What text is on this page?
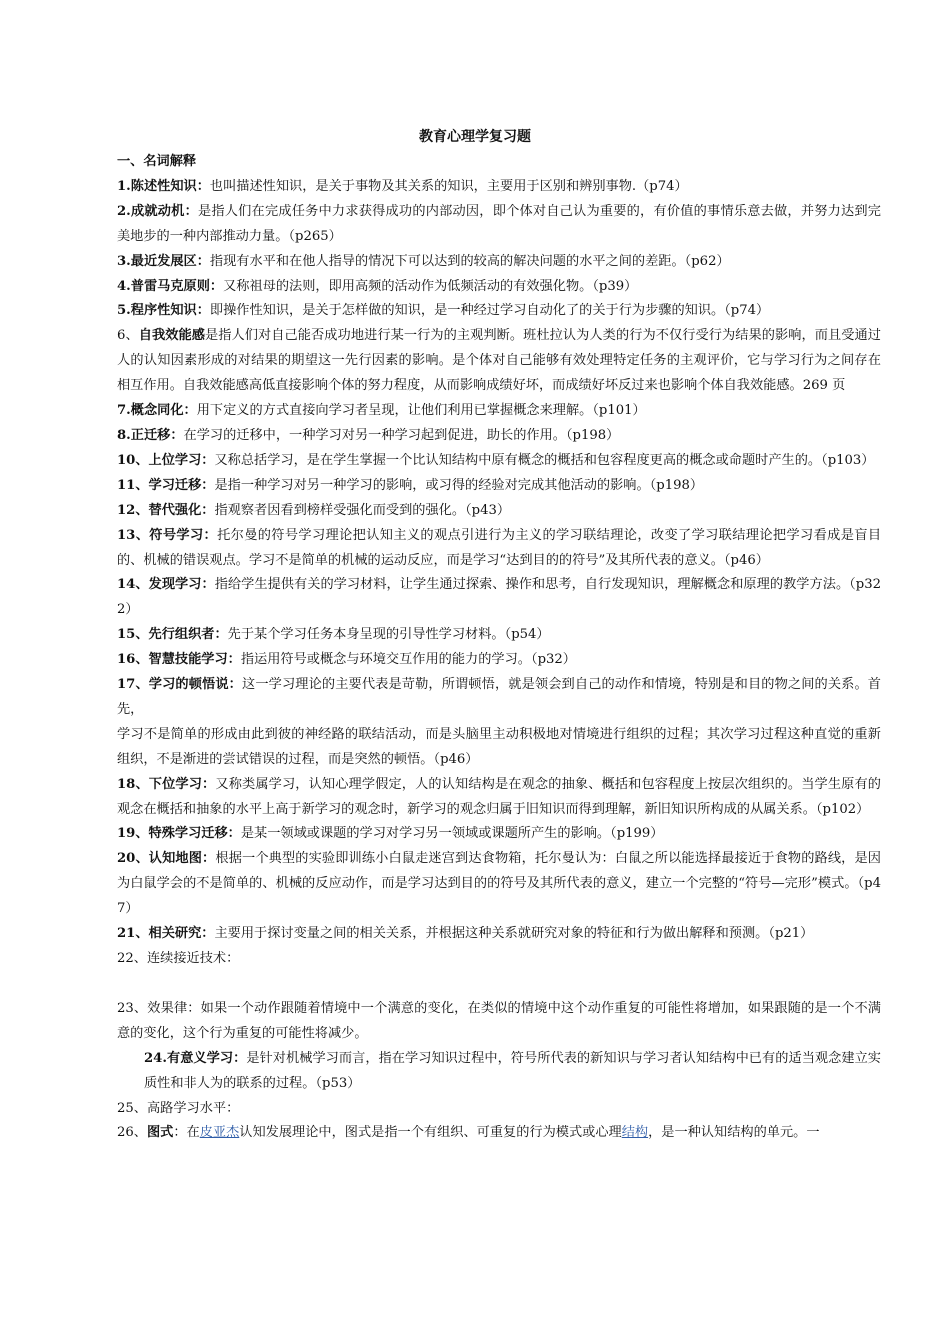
教育心理学复习题
一、名词解释
1.陈述性知识：也叫描述性知识，是关于事物及其关系的知识，主要用于区别和辨别事物.（p74）
2.成就动机：是指人们在完成任务中力求获得成功的内部动因，即个体对自己认为重要的，有价值的事情乐意去做，并努力达到完美地步的一种内部推动力量。（p265）
3.最近发展区：指现有水平和在他人指导的情况下可以达到的较高的解决问题的水平之间的差距。（p62）
4.普雷马克原则：又称祖母的法则，即用高频的活动作为低频活动的有效强化物。（p39）
5.程序性知识：即操作性知识，是关于怎样做的知识，是一种经过学习自动化了的关于行为步骤的知识。（p74）
6、自我效能感是指人们对自己能否成功地进行某一行为的主观判断。班杜拉认为人类的行为不仅行受行为结果的影响，而且受通过人的认知因素形成的对结果的期望这一先行因素的影响。是个体对自己能够有效处理特定任务的主观评价，它与学习行为之间存在相互作用。自我效能感高低直接影响个体的努力程度，从而影响成绩好坏，而成绩好坏反过来也影响个体自我效能感。269 页
7.概念同化：用下定义的方式直接向学习者呈现，让他们利用已掌握概念来理解。（p101）
8.正迁移：在学习的迁移中，一种学习对另一种学习起到促进，助长的作用。（p198）
10、上位学习：又称总括学习，是在学生掌握一个比认知结构中原有概念的概括和包容程度更高的概念或命题时产生的。（p103）
11、学习迁移：是指一种学习对另一种学习的影响，或习得的经验对完成其他活动的影响。（p198）
12、替代强化：指观察者因看到榜样受强化而受到的强化。（p43）
13、符号学习：托尔曼的符号学习理论把认知主义的观点引进行为主义的学习联结理论，改变了学习联结理论把学习看成是盲目的、机械的错误观点。学习不是简单的机械的运动反应，而是学习“达到目的的符号”及其所代表的意义。（p46）
14、发现学习：指给学生提供有关的学习材料，让学生通过探索、操作和思考，自行发现知识，理解概念和原理的教学方法。（p322）
15、先行组织者：先于某个学习任务本身呈现的引导性学习材料。（p54）
16、智慧技能学习：指运用符号或概念与环境交互作用的能力的学习。（p32）
17、学习的顿悟说：这一学习理论的主要代表是苛勒，所谓顿悟，就是领会到自己的动作和情境，特别是和目的物之间的关系。首先，
学习不是简单的形成由此到彼的神经路的联结活动，而是头脑里主动积极地对情境进行组织的过程；其次学习过程这种直觉的重新组织，不是渐进的尝试错误的过程，而是突然的顿悟。（p46）
18、下位学习：又称类属学习，认知心理学假定，人的认知结构是在观念的抽象、概括和包容程度上按层次组织的。当学生原有的观念在概括和抽象的水平上高于新学习的观念时，新学习的观念归属于旧知识而得到理解，新旧知识所构成的从属关系。（p102）
19、特殊学习迁移：是某一领域或课题的学习对学习另一领域或课题所产生的影响。（p199）
20、认知地图：根据一个典型的实验即训练小白鼠走迷宫到达食物箱，托尔曼认为：白鼠之所以能选择最接近于食物的路线，是因为白鼠学会的不是简单的、机械的反应动作，而是学习达到目的的符号及其所代表的意义，建立一个完整的“符号—完形”模式。（p47）
21、相关研究：主要用于探讨变量之间的相关关系，并根据这种关系就研究对象的特征和行为做出解释和预测。（p21）
22、连续接近技术：
23、效果律：如果一个动作跟随着情境中一个满意的变化，在类似的情境中这个动作重复的可能性将增加，如果跟随的是一个不满意的变化，这个行为重复的可能性将减少。
24.有意义学习：是针对机械学习而言，指在学习知识过程中，符号所代表的新知识与学习者认知结构中已有的适当观念建立实质性和非人为的联系的过程。（p53）
25、高路学习水平：
26、图式：在皮亚杰认知发展理论中，图式是指一个有组织、可重复的行为模式或心理结构，是一种认知结构的单元。一
